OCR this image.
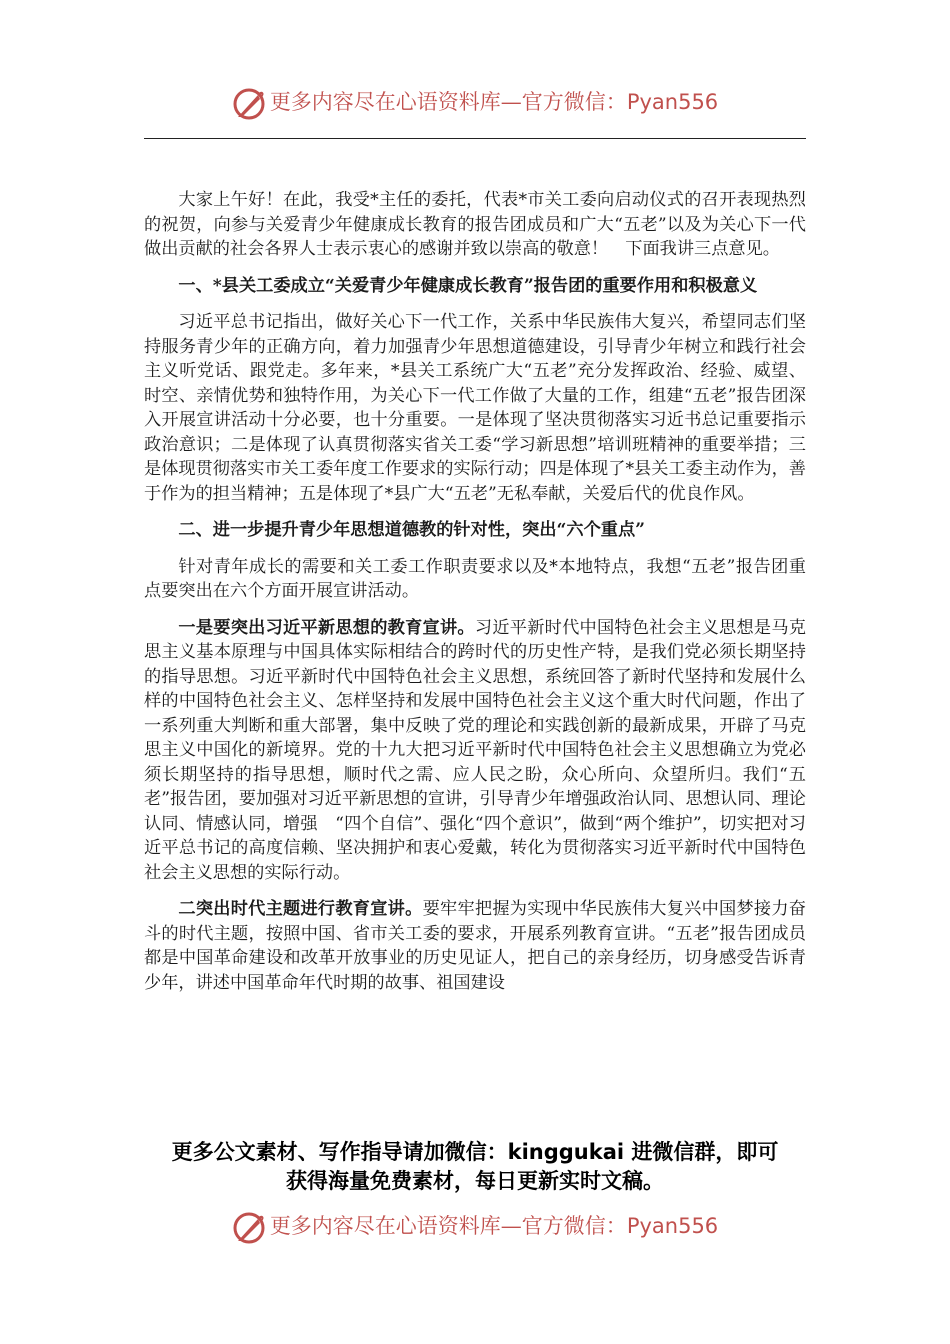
更多内容尽在心语资料库—官方微信：Pyan556

大家上午好！在此，我受*主任的委托，代表*市关工委向启动仪式的召开表现热烈的祝贺，向参与关爱青少年健康成长教育的报告团成员和广大“五老”以及为关心下一代做出贡献的社会各界人士表示衷心的感谢并致以崇高的敬意！　下面我讲三点意见。

一、*县关工委成立“关爱青少年健康成长教育”报告团的重要作用和积极意义

习近平总书记指出，做好关心下一代工作，关系中华民族伟大复兴，希望同志们坚持服务青少年的正确方向，着力加强青少年思想道德建设，引导青少年树立和践行社会主义听党话、跟党走。多年来，*县关工系统广大“五老”充分发挥政治、经验、威望、时空、亲情优势和独特作用，为关心下一代工作做了大量的工作，组建“五老”报告团深入开展宣讲活动十分必要，也十分重要。一是体现了坚决贯彻落实习近书总记重要指示政治意识；二是体现了认真贯彻落实省关工委“学习新思想”培训班精神的重要举措；三是体现贯彻落实市关工委年度工作要求的实际行动；四是体现了*县关工委主动作为，善于作为的担当精神；五是体现了*县广大“五老”无私奉献，关爱后代的优良作风。

二、进一步提升青少年思想道德教的针对性，突出“六个重点”

针对青年成长的需要和关工委工作职责要求以及*本地特点，我想“五老”报告团重点要突出在六个方面开展宣讲活动。

一是要突出习近平新思想的教育宣讲。习近平新时代中国特色社会主义思想是马克思主义基本原理与中国具体实际相结合的跨时代的历史性产特，是我们党必须长期坚持的指导思想。习近平新时代中国特色社会主义思想，系统回答了新时代坚持和发展什么样的中国特色社会主义、怎样坚持和发展中国特色社会主义这个重大时代问题，作出了一系列重大判断和重大部署，集中反映了党的理论和实践创新的最新成果，开辟了马克思主义中国化的新境界。党的十九大把习近平新时代中国特色社会主义思想确立为党必须长期坚持的指导思想，顺时代之需、应人民之盼，众心所向、众望所归。我们“五老”报告团，要加强对习近平新思想的宣讲，引导青少年增强政治认同、思想认同、理论认同、情感认同，增强　“四个自信”、强化“四个意识”，做到“两个维护”，切实把对习近平总书记的高度信赖、坚决拥护和衷心爱戴，转化为贯彻落实习近平新时代中国特色社会主义思想的实际行动。

二突出时代主题进行教育宣讲。要牢牢把握为实现中华民族伟大复兴中国梦接力奋斗的时代主题，按照中国、省市关工委的要求，开展系列教育宣讲。“五老”报告团成员都是中国革命建设和改革开放事业的历史见证人，把自己的亲身经历，切身感受告诉青少年，讲述中国革命年代时期的故事、祖国建设

更多公文素材、写作指导请加微信：kinggukai 进微信群，即可
获得海量免费素材，每日更新实时文稿。
更多内容尽在心语资料库—官方微信：Pyan556
